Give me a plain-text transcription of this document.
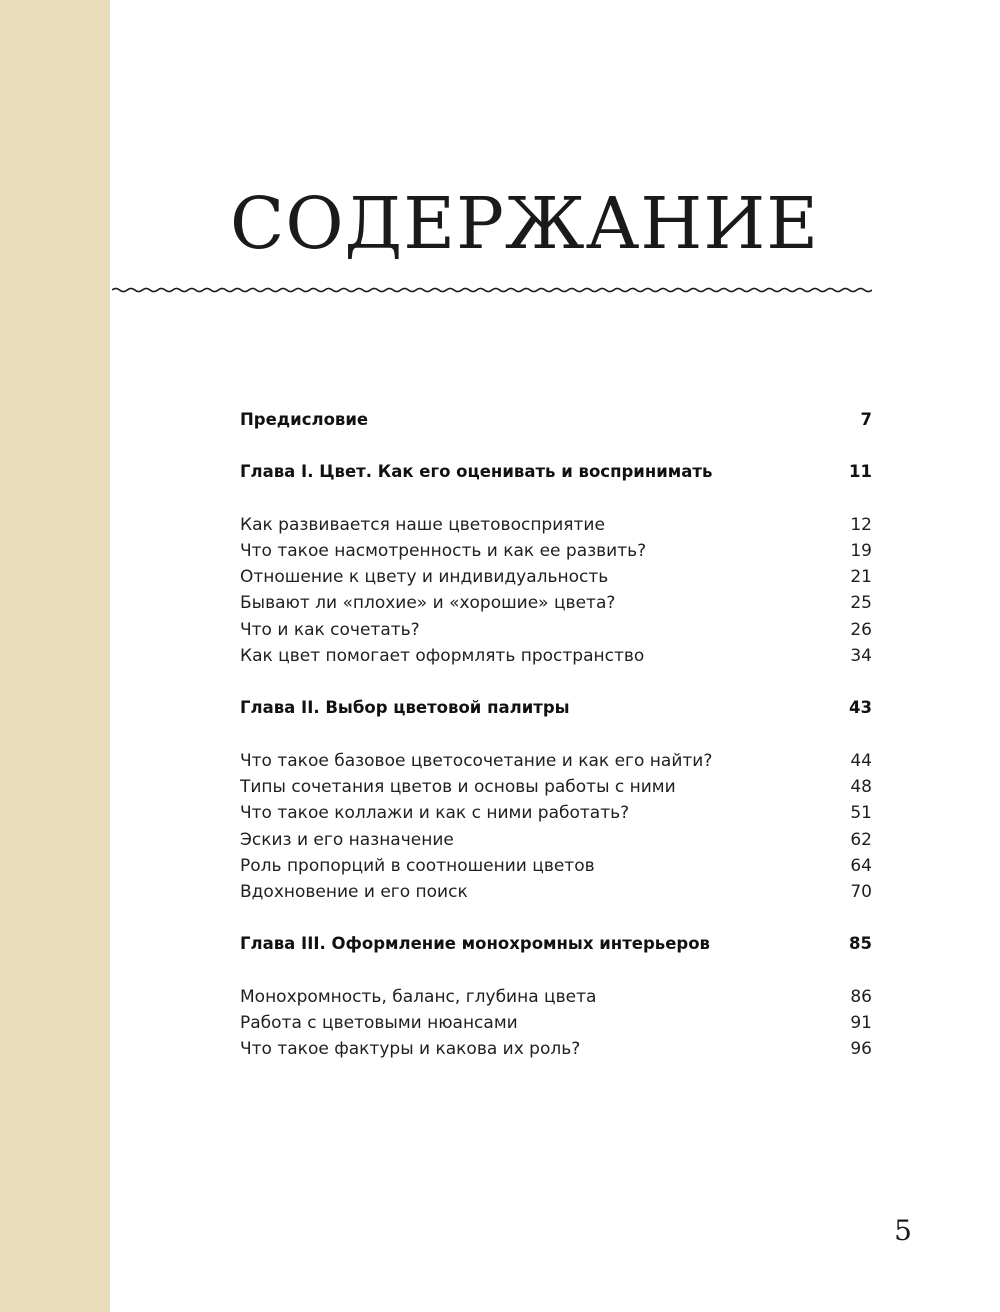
СОДЕРЖАНИЕ
Предисловие	7
Глава I. Цвет. Как его оценивать и воспринимать	11
Как развивается наше цветовосприятие	12
Что такое насмотренность и как ее развить?	19
Отношение к цвету и индивидуальность	21
Бывают ли «плохие» и «хорошие» цвета?	25
Что и как сочетать?	26
Как цвет помогает оформлять пространство	34
Глава II. Выбор цветовой палитры	43
Что такое базовое цветосочетание и как его найти?	44
Типы сочетания цветов и основы работы с ними	48
Что такое коллажи и как с ними работать?	51
Эскиз и его назначение	62
Роль пропорций в соотношении цветов	64
Вдохновение и его поиск	70
Глава III. Оформление монохромных интерьеров	85
Монохромность, баланс, глубина цвета	86
Работа с цветовыми нюансами	91
Что такое фактуры и какова их роль?	96
5
